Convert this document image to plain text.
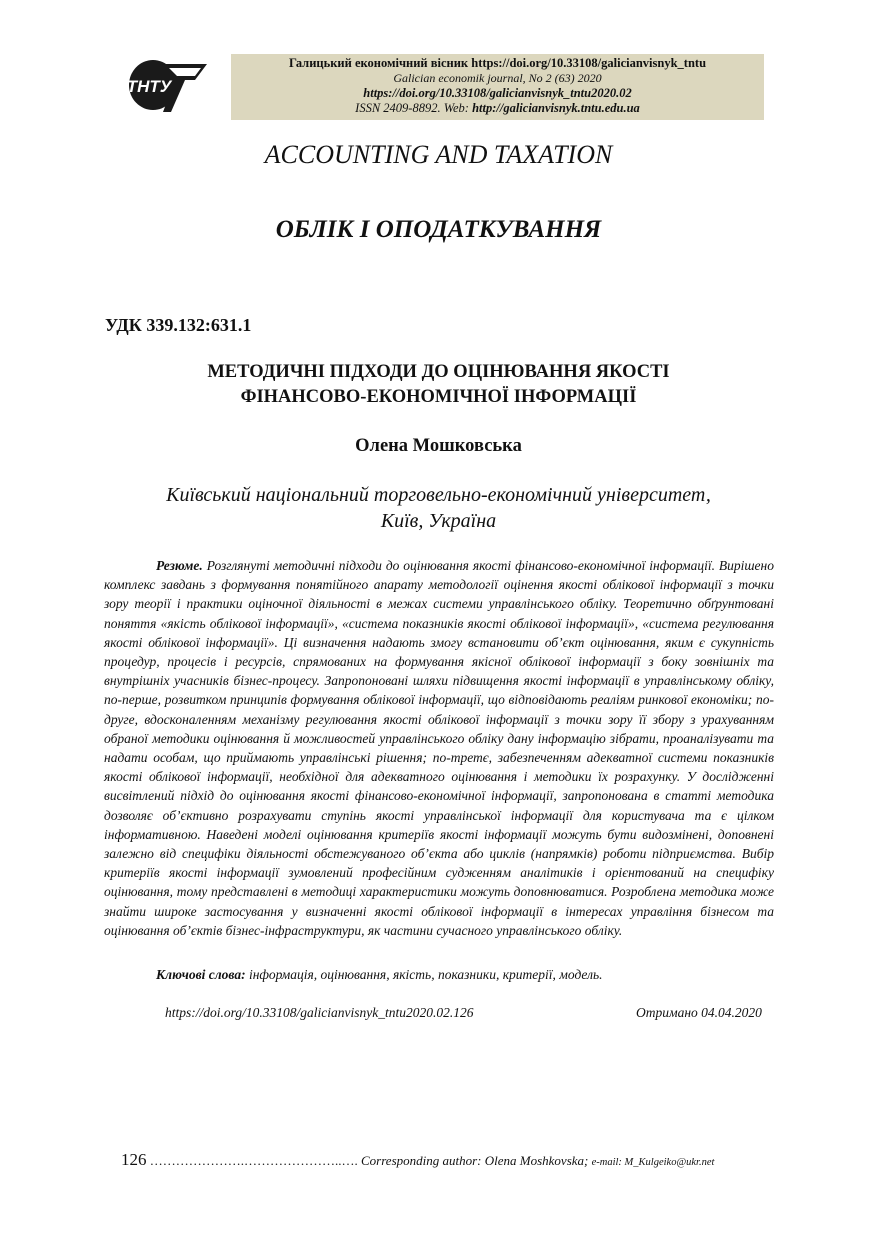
ТНТУ
Галицький економічний вісник https://doi.org/10.33108/galicianvisnyk_tntu
Galician economik journal, No 2 (63) 2020
https://doi.org/10.33108/galicianvisnyk_tntu2020.02
ISSN 2409-8892. Web: http://galicianvisnyk.tntu.edu.ua
ACCOUNTING AND TAXATION
ОБЛІК І ОПОДАТКУВАННЯ
УДК 339.132:631.1
МЕТОДИЧНІ ПІДХОДИ ДО ОЦІНЮВАННЯ ЯКОСТІ
ФІНАНСОВО-ЕКОНОМІЧНОЇ ІНФОРМАЦІЇ
Олена Мошковська
Київський національний торговельно-економічний університет,
Київ, Україна
Резюме. Розглянуті методичні підходи до оцінювання якості фінансово-економічної інформації. Вирішено комплекс завдань з формування понятійного апарату методології оцінення якості облікової інформації з точки зору теорії і практики оціночної діяльності в межах системи управлінського обліку. Теоретично обґрунтовані поняття «якість облікової інформації», «система показників якості облікової інформації», «система регулювання якості облікової інформації». Ці визначення надають змогу встановити об’єкт оцінювання, яким є сукупність процедур, процесів і ресурсів, спрямованих на формування якісної облікової інформації з боку зовнішніх та внутрішніх учасників бізнес-процесу. Запропоновані шляхи підвищення якості інформації в управлінському обліку, по-перше, розвитком принципів формування облікової інформації, що відповідають реаліям ринкової економіки; по-друге, вдосконаленням механізму регулювання якості облікової інформації з точки зору її збору з урахуванням обраної методики оцінювання й можливостей управлінського обліку дану інформацію зібрати, проаналізувати та надати особам, що приймають управлінські рішення; по-третє, забезпеченням адекватної системи показників якості облікової інформації, необхідної для адекватного оцінювання і методики їх розрахунку. У дослідженні висвітлений підхід до оцінювання якості фінансово-економічної інформації, запропонована в статті методика дозволяє об’єктивно розрахувати ступінь якості управлінської інформації для користувача та є цілком інформативною. Наведені моделі оцінювання критеріїв якості інформації можуть бути видозмінені, доповнені залежно від специфіки діяльності обстежуваного об’єкта або циклів (напрямків) роботи підприємства. Вибір критеріїв якості інформації зумовлений професійним судженням аналітиків і орієнтований на специфіку оцінювання, тому представлені в методиці характеристики можуть доповнюватися. Розроблена методика може знайти широке застосування у визначенні якості облікової інформації в інтересах управління бізнесом та оцінювання об’єктів бізнес-інфраструктури, як частини сучасного управлінського обліку.
Ключові слова: інформація, оцінювання, якість, показники, критерії, модель.
https://doi.org/10.33108/galicianvisnyk_tntu2020.02.126	Отримано 04.04.2020
126 ………………….…………………..…. Corresponding author: Olena Moshkovska; e-mail: M_Kulgeiko@ukr.net
